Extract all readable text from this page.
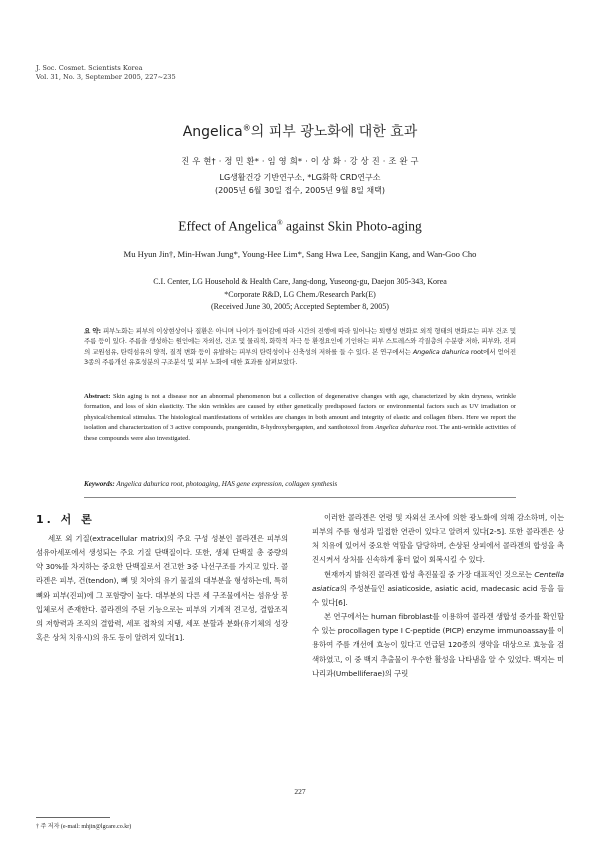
J. Soc. Cosmet. Scientists Korea
Vol. 31, No. 3, September 2005, 227~235
Angelica®의 피부 광노화에 대한 효과
진 우 현† · 정 민 환* · 임 영 희* · 이 상 화 · 강 상 진 · 조 완 구
LG생활건강 기반연구소, *LG화학 CRD연구소
(2005년 6월 30일 접수, 2005년 9월 8일 채택)
Effect of Angelica® against Skin Photo-aging
Mu Hyun Jin†, Min-Hwan Jung*, Young-Hee Lim*, Sang Hwa Lee, Sangjin Kang, and Wan-Goo Cho
C.I. Center, LG Household & Health Care, Jang-dong, Yuseong-gu, Daejon 305-343, Korea
*Corporate R&D, LG Chem./Research Park(E)
(Received June 30, 2005; Accepted September 8, 2005)
요 약: 피부노화는 피부의 이상현상이나 질환은 아니며 나이가 들어감에 따라 시간의 진행에 따라 일어나는 퇴행성 변화로 외적 형태의 변화로는 피부 건조 및 주름 등이 있다. 주름을 생성하는 원인에는 자외선, 건조 및 물리적, 화학적 자극 등 환경요인에 기인하는 피부 스트레스와 각질층의 수분량 저하, 피부와, 진피의 교원섬유, 탄력섬유의 양적, 질적 변화 등이 유발하는 피부의 탄력성이나 신축성의 저하를 들 수 있다. 본 연구에서는 Angelica dahurica root에서 얻어진 3종의 주름개선 유효성분의 구조분석 및 피부 노화에 대한 효과를 살펴보았다.
Abstract: Skin aging is not a disease nor an abnormal phenomenon but a collection of degenerative changes with age, characterized by skin dryness, wrinkle formation, and loss of skin elasticity. The skin wrinkles are caused by either genetically predisposed factors or environmental factors such as UV irradiation or physical/chemical stimulus. The histological manifestations of wrinkles are changes in both amount and integrity of elastic and collagen fibers. Here we report the isolation and characterization of 3 active compounds, prangenidin, 8-hydroxybergapten, and xanthotoxol from Angelica dahurica root. The anti-wrinkle activities of these compounds were also investigated.
Keywords: Angelica dahurica root, photoaging, HAS gene expression, collagen synthesis
1. 서 론

세포 외 기질(extracellular matrix)의 주요 구성 성분인 콜라겐은 피부의 섬유아세포에서 생성되는 주요 기질 단백질이다. 또한, 생체 단백질 총 중량의 약 30%를 차지하는 중요한 단백질로서 견고한 3중 나선구조를 가지고 있다. 콜라겐은 피부, 건(tendon), 뼈 및 치아의 유기 물질의 대부분을 형성하는데, 특히 뼈와 피부(진피)에 그 포함량이 높다. 대부분의 다른 세 구조물에서는 섬유상 봉입체로서 존재한다. 콜라겐의 주된 기능으로는 피부의 기계적 견고성, 결합조직의 저항력과 조직의 결합력, 세포 접착의 지탱, 세포 분할과 분화(유기체의 성장 혹은 상처 치유시)의 유도 등이 알려져 있다[1].

이러한 콜라겐은 연령 및 자외선 조사에 의한 광노화에 의해 감소하며, 이는 피부의 주름 형성과 밀접한 연관이 있다고 알려져 있다[2-5]. 또한 콜라겐은 상처 치유에 있어서 중요한 역할을 담당하며, 손상된 상피에서 콜라겐의 합성을 촉진시켜서 상처를 신속하게 흉터 없이 회복시킬 수 있다.

현재까지 밝혀진 콜라겐 합성 촉진물질 중 가장 대표적인 것으로는 Centella asiatica의 주성분들인 asiaticoside, asiatic acid, madecasic acid 등을 들 수 있다[6].

본 연구에서는 human fibroblast를 이용하여 콜라겐 생합성 증가를 확인할 수 있는 procollagen type I C-peptide (PICP) enzyme immunoassay를 이용하여 주름 개선에 효능이 있다고 언급된 120종의 생약을 대상으로 효능을 검색하였고, 이 중 백지 추출물이 우수한 활성을 나타냄을 알 수 있었다. 백지는 미나리과(Umbelliferae)의 구릿

227
† 주 저자 (e-mail: mhjin@lgcare.co.kr)
